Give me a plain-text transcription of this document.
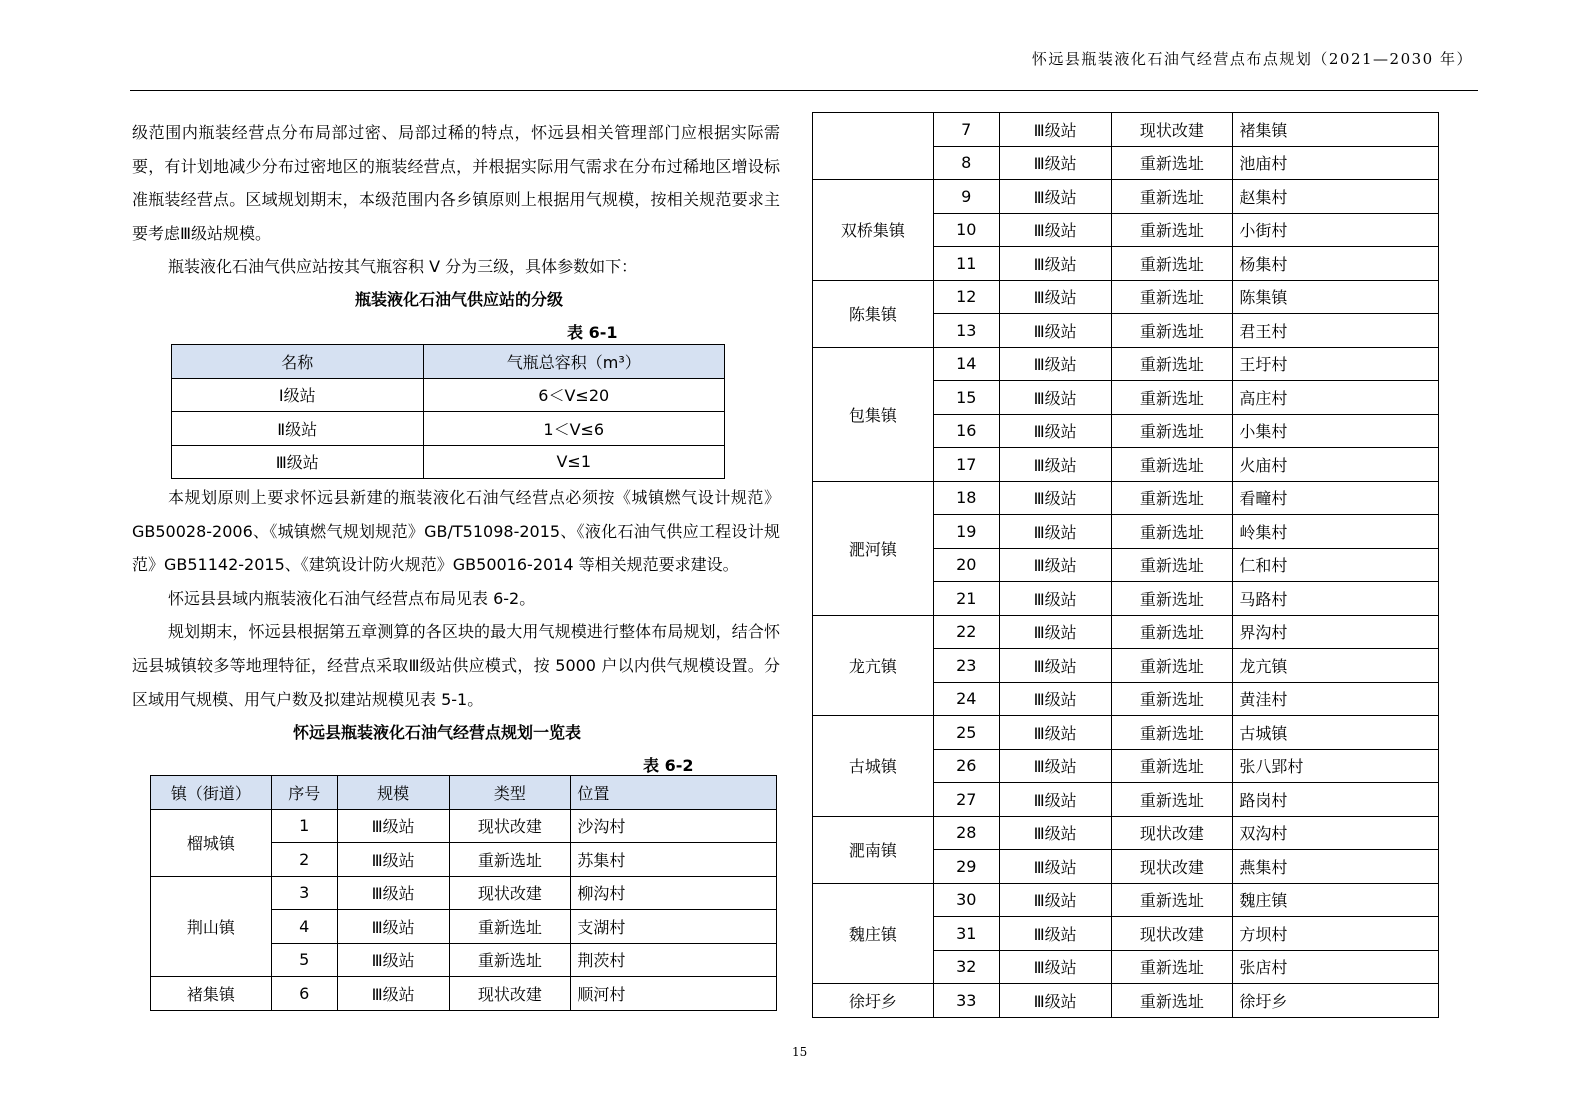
怀远县瓶装液化石油气经营点布点规划（2021—2030 年）

级范围内瓶装经营点分布局部过密、局部过稀的特点，怀远县相关管理部门应根据实际需要，有计划地减少分布过密地区的瓶装经营点，并根据实际用气需求在分布过稀地区增设标准瓶装经营点。区域规划期末，本级范围内各乡镇原则上根据用气规模，按相关规范要求主要考虑Ⅲ级站规模。

瓶装液化石油气供应站按其气瓶容积 V 分为三级，具体参数如下：

瓶装液化石油气供应站的分级
表 6-1
名称	气瓶总容积（m³）
Ⅰ级站	6＜V≤20
Ⅱ级站	1＜V≤6
Ⅲ级站	V≤1

本规划原则上要求怀远县新建的瓶装液化石油气经营点必须按《城镇燃气设计规范》GB50028-2006、《城镇燃气规划规范》GB/T51098-2015、《液化石油气供应工程设计规范》GB51142-2015、《建筑设计防火规范》GB50016-2014 等相关规范要求建设。

怀远县县域内瓶装液化石油气经营点布局见表 6-2。

规划期末，怀远县根据第五章测算的各区块的最大用气规模进行整体布局规划，结合怀远县城镇较多等地理特征，经营点采取Ⅲ级站供应模式，按 5000 户以内供气规模设置。分区域用气规模、用气户数及拟建站规模见表 5-1。

怀远县瓶装液化石油气经营点规划一览表
表 6-2
镇（街道）	序号	规模	类型	位置
榴城镇	1	Ⅲ级站	现状改建	沙沟村
	2	Ⅲ级站	重新选址	苏集村
荆山镇	3	Ⅲ级站	现状改建	柳沟村
	4	Ⅲ级站	重新选址	支湖村
	5	Ⅲ级站	重新选址	荆茨村
褚集镇	6	Ⅲ级站	现状改建	顺河村
	7	Ⅲ级站	现状改建	褚集镇
	8	Ⅲ级站	重新选址	池庙村
双桥集镇	9	Ⅲ级站	重新选址	赵集村
	10	Ⅲ级站	重新选址	小街村
	11	Ⅲ级站	重新选址	杨集村
陈集镇	12	Ⅲ级站	重新选址	陈集镇
	13	Ⅲ级站	重新选址	君王村
包集镇	14	Ⅲ级站	重新选址	王圩村
	15	Ⅲ级站	重新选址	高庄村
	16	Ⅲ级站	重新选址	小集村
	17	Ⅲ级站	重新选址	火庙村
淝河镇	18	Ⅲ级站	重新选址	看疃村
	19	Ⅲ级站	重新选址	岭集村
	20	Ⅲ级站	重新选址	仁和村
	21	Ⅲ级站	重新选址	马路村
龙亢镇	22	Ⅲ级站	重新选址	界沟村
	23	Ⅲ级站	重新选址	龙亢镇
	24	Ⅲ级站	重新选址	黄洼村
古城镇	25	Ⅲ级站	重新选址	古城镇
	26	Ⅲ级站	重新选址	张八郢村
	27	Ⅲ级站	重新选址	路岗村
淝南镇	28	Ⅲ级站	现状改建	双沟村
	29	Ⅲ级站	现状改建	燕集村
魏庄镇	30	Ⅲ级站	重新选址	魏庄镇
	31	Ⅲ级站	现状改建	方坝村
	32	Ⅲ级站	重新选址	张店村
徐圩乡	33	Ⅲ级站	重新选址	徐圩乡
15
